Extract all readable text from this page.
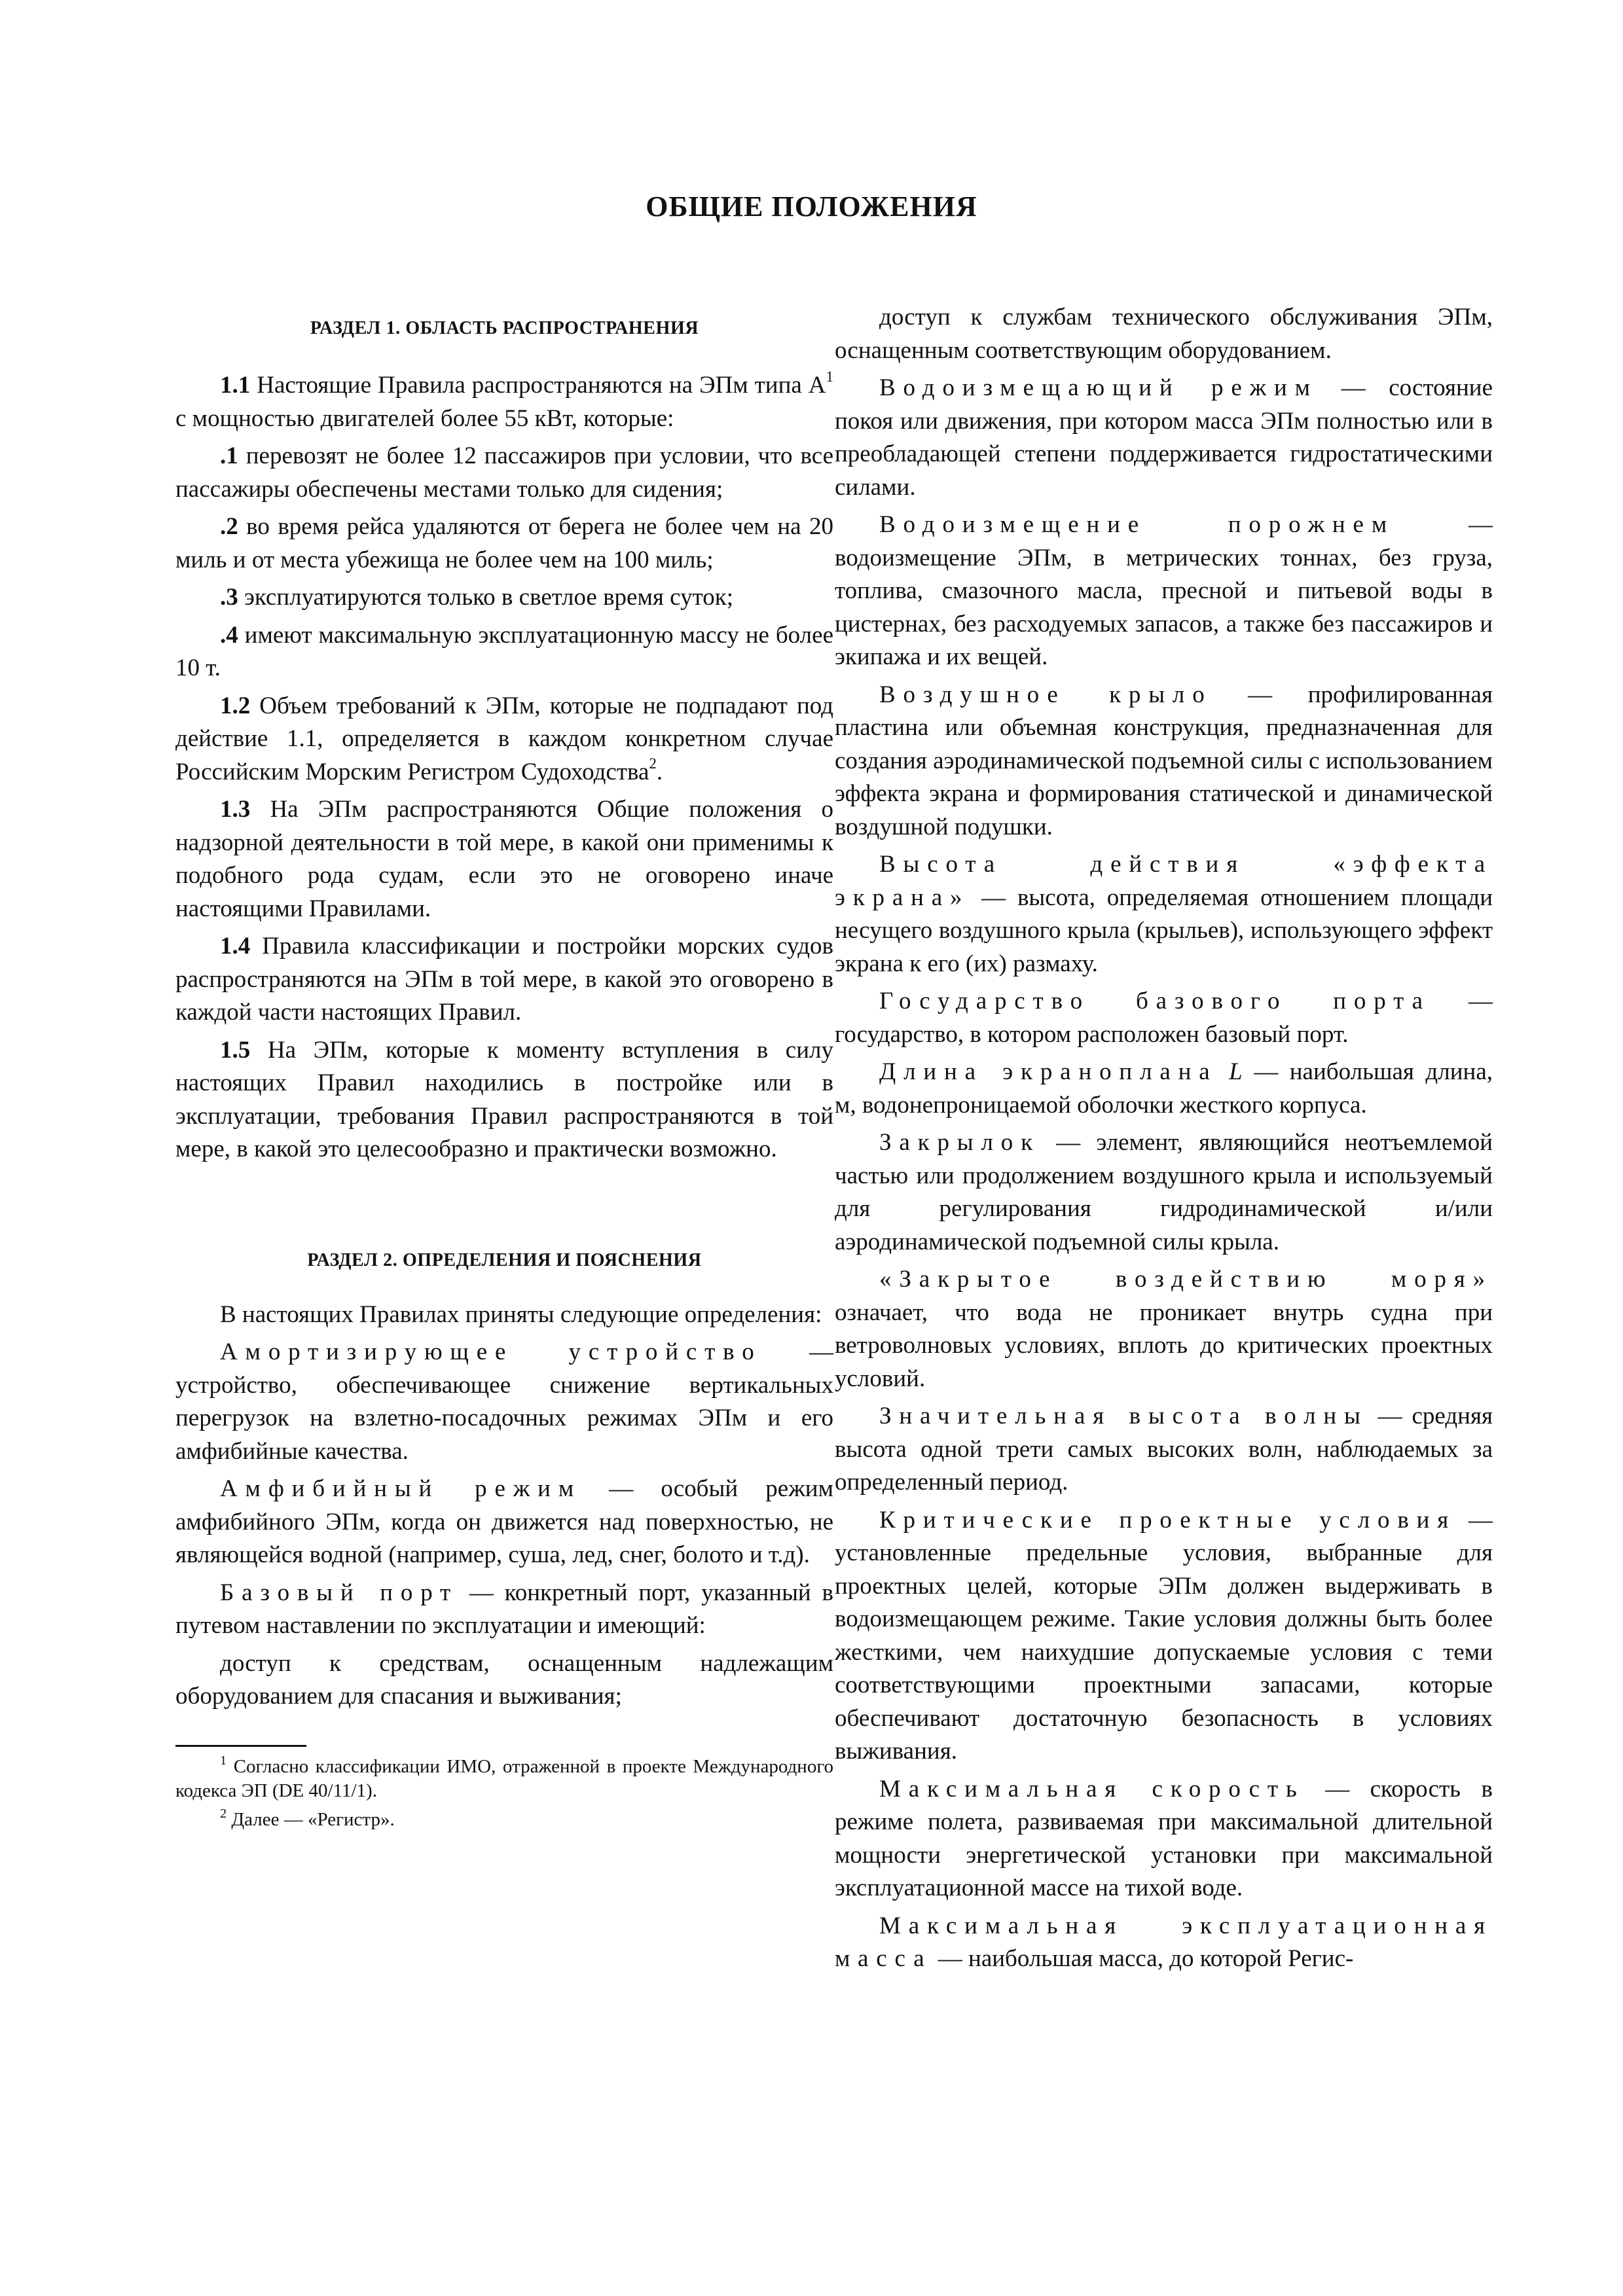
ОБЩИЕ ПОЛОЖЕНИЯ
РАЗДЕЛ 1. ОБЛАСТЬ РАСПРОСТРАНЕНИЯ

1.1 Настоящие Правила распространяются на ЭПм типа $А^1$ с мощностью двигателей более 55 кВт, которые:

.1 перевозят не более 12 пассажиров при условии, что все пассажиры обеспечены местами только для сидения;

.2 во время рейса удаляются от берега не более чем на 20 миль и от места убежища не более чем на 100 миль;

.3 эксплуатируются только в светлое время суток;

.4 имеют максимальную эксплуатационную массу не более 10 т.

1.2 Объем требований к ЭПм, которые не подпадают под действие 1.1, определяется в каждом конкретном случае Российским Морским Регистром Судоходства$^2$.

1.3 На ЭПм распространяются Общие положения о надзорной деятельности в той мере, в какой они применимы к подобного рода судам, если это не оговорено иначе настоящими Правилами.

1.4 Правила классификации и постройки морских судов распространяются на ЭПм в той мере, в какой это оговорено в каждой части настоящих Правил.

1.5 На ЭПм, которые к моменту вступления в силу настоящих Правил находились в постройке или в эксплуатации, требования Правил распространяются в той мере, в какой это целесообразно и практически возможно.

РАЗДЕЛ 2. ОПРЕДЕЛЕНИЯ И ПОЯСНЕНИЯ

В настоящих Правилах приняты следующие определения:

Амортизирующее устройство — устройство, обеспечивающее снижение вертикальных перегрузок на взлетно-посадочных режимах ЭПм и его амфибийные качества.

Амфибийный режим — особый режим амфибийного ЭПм, когда он движется над поверхностью, не являющейся водной (например, суша, лед, снег, болото и т.д).

Базовый порт — конкретный порт, указанный в путевом наставлении по эксплуатации и имеющий:

доступ к средствам, оснащенным надлежащим оборудованием для спасания и выживания;

$^1$ Согласно классификации ИМО, отраженной в проекте Международного кодекса ЭП (DE 40/11/1).

$^2$ Далее — «Регистр».

доступ к службам технического обслуживания ЭПм, оснащенным соответствующим оборудованием.

Водоизмещающий режим — состояние покоя или движения, при котором масса ЭПм полностью или в преобладающей степени поддерживается гидростатическими силами.

Водоизмещение порожнем — водоизмещение ЭПм, в метрических тоннах, без груза, топлива, смазочного масла, пресной и питьевой воды в цистернах, без расходуемых запасов, а также без пассажиров и экипажа и их вещей.

Воздушное крыло — профилированная пластина или объемная конструкция, предназначенная для создания аэродинамической подъемной силы с использованием эффекта экрана и формирования статической и динамической воздушной подушки.

Высота действия «эффекта экрана» — высота, определяемая отношением площади несущего воздушного крыла (крыльев), использующего эффект экрана к его (их) размаху.

Государство базового порта — государство, в котором расположен базовый порт.

Длина экраноплана L — наибольшая длина, м, водонепроницаемой оболочки жесткого корпуса.

Закрылок — элемент, являющийся неотъемлемой частью или продолжением воздушного крыла и используемый для регулирования гидродинамической и/или аэродинамической подъемной силы крыла.

«Закрытое воздействию моря» означает, что вода не проникает внутрь судна при ветроволновых условиях, вплоть до критических проектных условий.

Значительная высота волны — средняя высота одной трети самых высоких волн, наблюдаемых за определенный период.

Критические проектные условия — установленные предельные условия, выбранные для проектных целей, которые ЭПм должен выдерживать в водоизмещающем режиме. Такие условия должны быть более жесткими, чем наихудшие допускаемые условия с теми соответствующими проектными запасами, которые обеспечивают достаточную безопасность в условиях выживания.

Максимальная скорость — скорость в режиме полета, развиваемая при максимальной длительной мощности энергетической установки при максимальной эксплуатационной массе на тихой воде.

Максимальная эксплуатационная масса — наибольшая масса, до которой Регис-
